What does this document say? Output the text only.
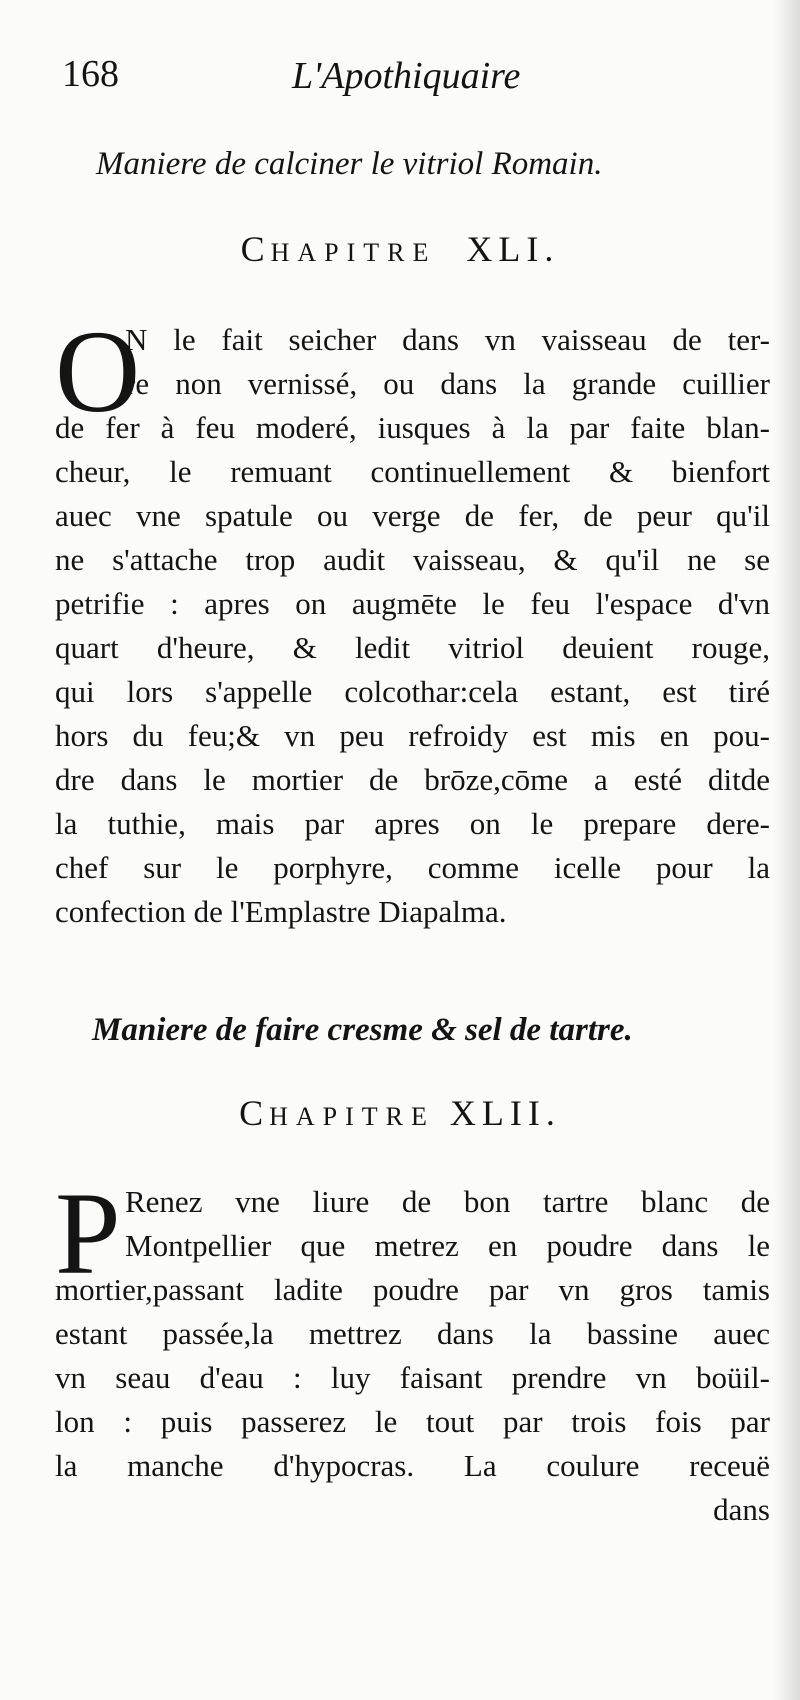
168	L'Apothiquaire
Maniere de calciner le vitriol Romain.
CHAPITRE XLI.
O
N le fait seicher dans vn vaisseau de ter-
re non vernissé, ou dans la grande cuillier
de fer à feu moderé, iusques à la par faite blan-
cheur, le remuant continuellement & bienfort
auec vne spatule ou verge de fer, de peur qu'il
ne s'attache trop audit vaisseau, & qu'il ne se
petrifie : apres on augmēte le feu l'espace d'vn
quart d'heure, & ledit vitriol deuient rouge,
qui lors s'appelle colcothar:cela estant, est tiré
hors du feu;& vn peu refroidy est mis en pou-
dre dans le mortier de brōze,cōme a esté ditde
la tuthie, mais par apres on le prepare dere-
chef sur le porphyre, comme icelle pour la
confection de l'Emplastre Diapalma.
Maniere de faire cresme & sel de tartre.
CHAPITRE XLII.
P Renez vne liure de bon tartre blanc de
Montpellier que metrez en poudre dans le
mortier,passant ladite poudre par vn gros tamis
estant passée,la mettrez dans la bassine auec
vn seau d'eau : luy faisant prendre vn boüil-
lon : puis passerez le tout par trois fois par
la manche d'hypocras. La coulure receuë
dans
